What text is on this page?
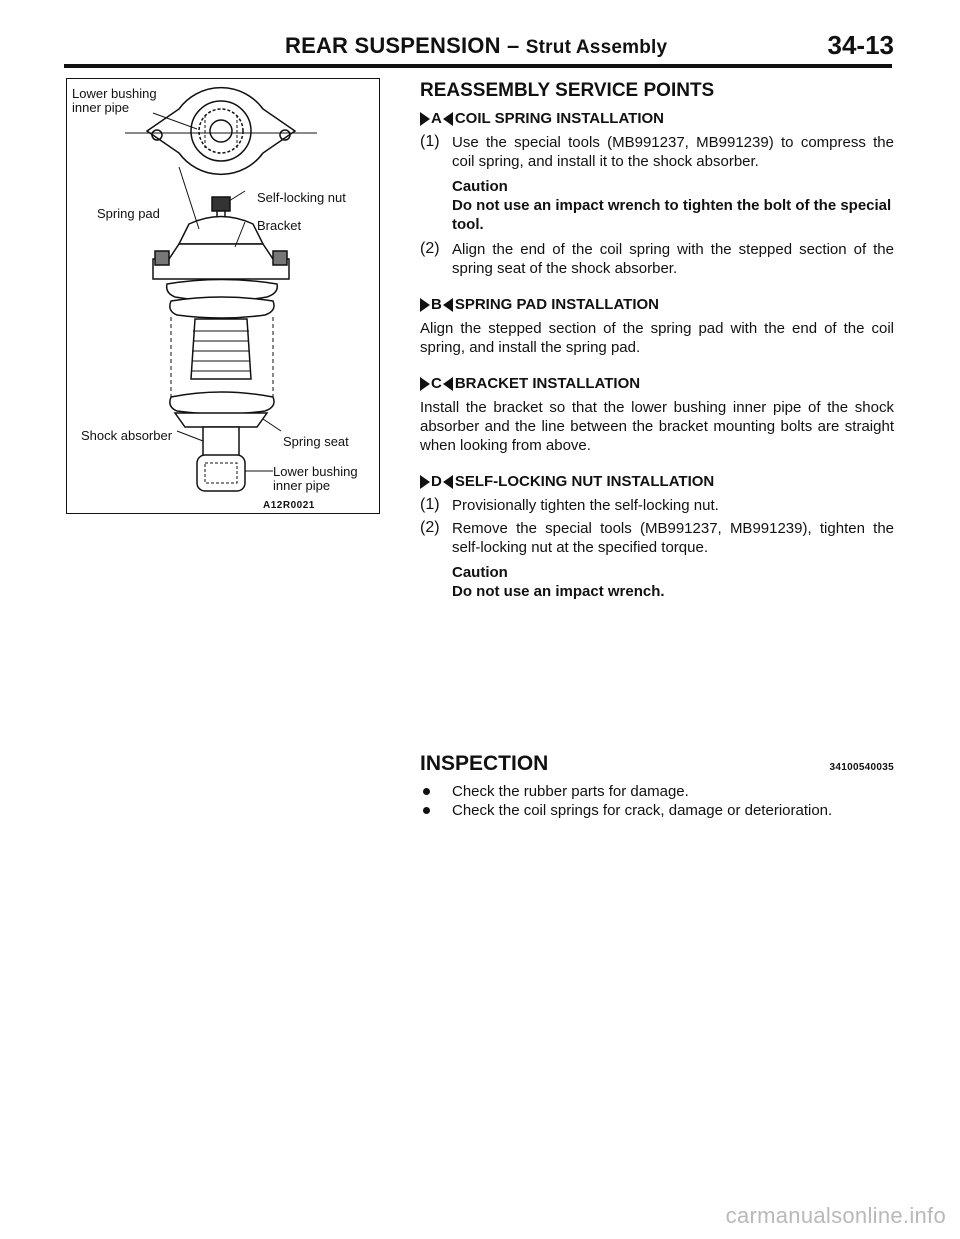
REAR SUSPENSION – Strut Assembly	34-13
Lower bushing
inner pipe
Self-locking nut
Spring pad
Bracket
Shock absorber	Spring seat
Lower bushing
inner pipe
A12R0021
REASSEMBLY SERVICE POINTS
A COIL SPRING INSTALLATION
(1) Use the special tools (MB991237, MB991239) to compress the coil spring, and install it to the shock absorber.

Caution
Do not use an impact wrench to tighten the bolt of the special tool.
(2) Align the end of the coil spring with the stepped section of the spring seat of the shock absorber.

B SPRING PAD INSTALLATION

Align the stepped section of the spring pad with the end of the coil spring, and install the spring pad.

C BRACKET INSTALLATION

Install the bracket so that the lower bushing inner pipe of the shock absorber and the line between the bracket mounting bolts are straight when looking from above.

D SELF-LOCKING NUT INSTALLATION
(1) Provisionally tighten the self-locking nut.

(2) Remove the special tools (MB991237, MB991239), tighten the self-locking nut at the specified torque.

Caution
Do not use an impact wrench.
INSPECTION	34100540035
Check the rubber parts for damage.
Check the coil springs for crack, damage or deterioration.
carmanualsonline.info
